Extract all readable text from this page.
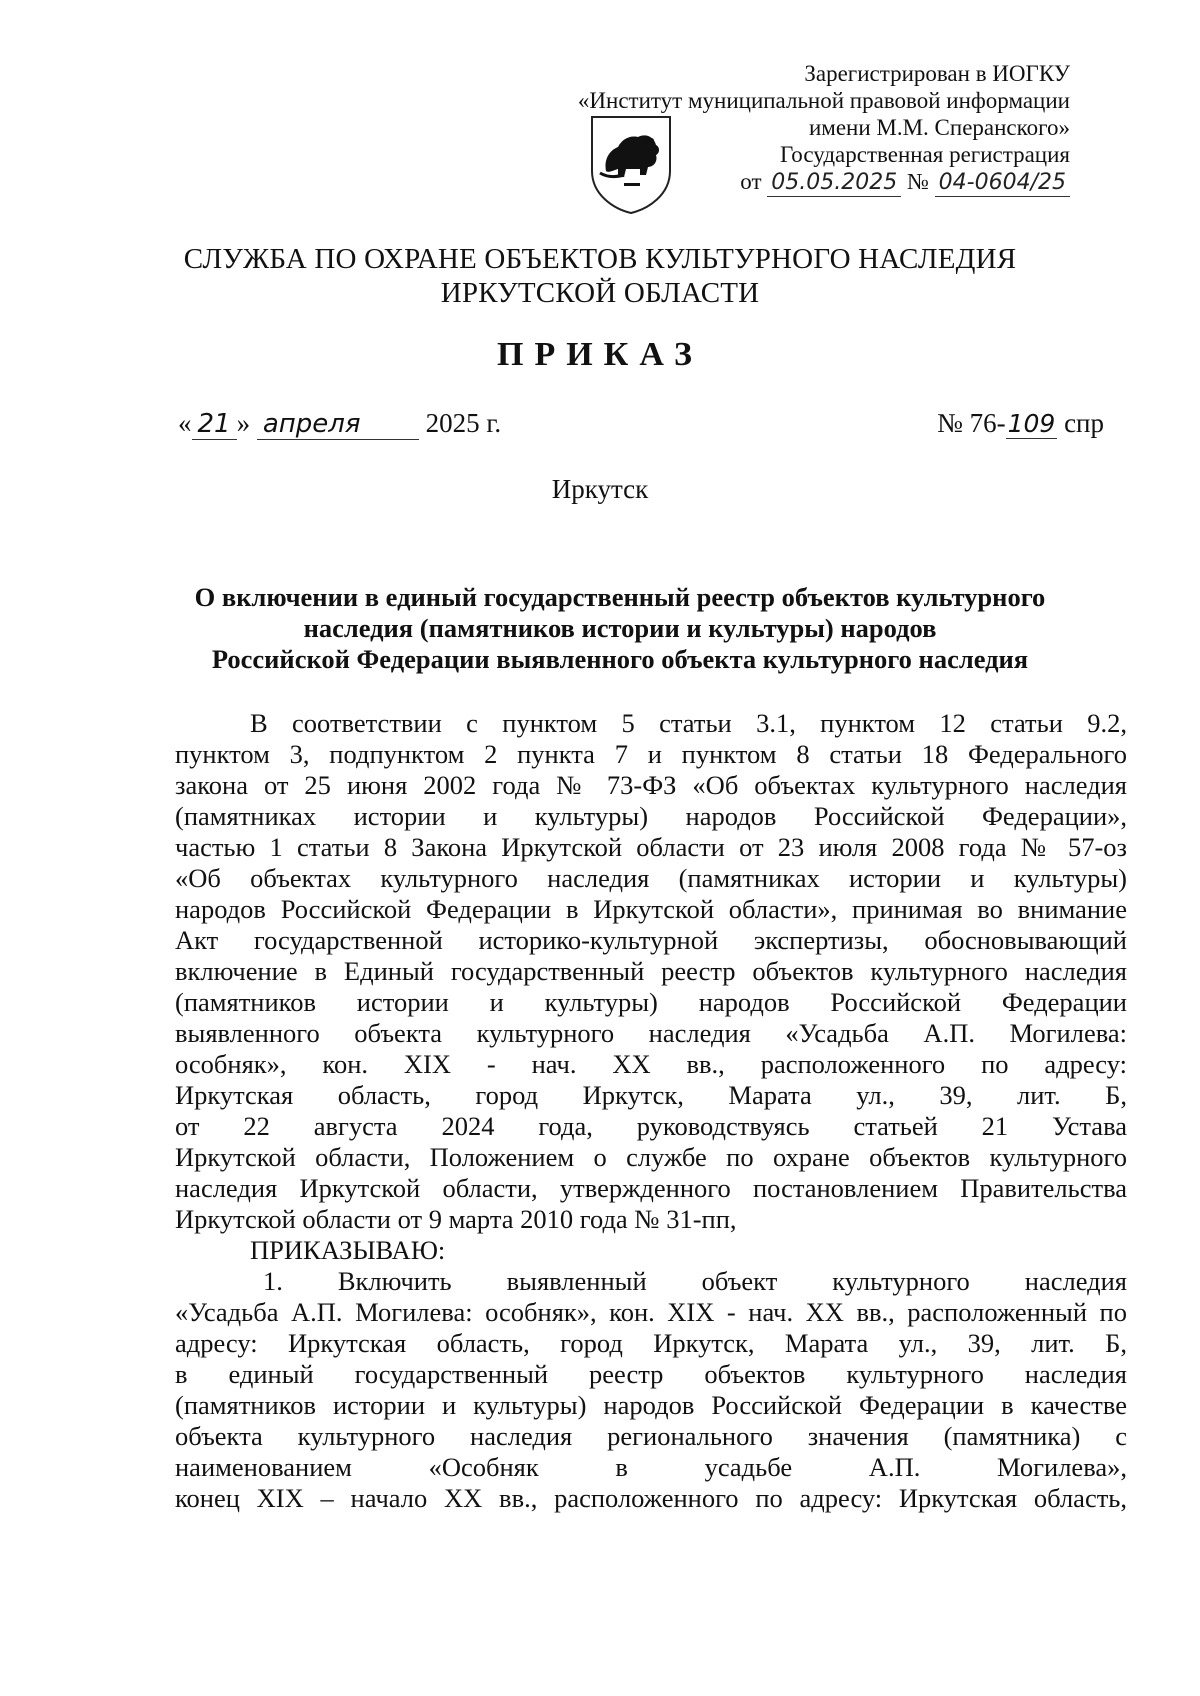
Зарегистрирован в ИОГКУ
«Институт муниципальной правовой информации
имени М.М. Сперанского»
Государственная регистрация
от 05.05.2025 № 04-0604/25
СЛУЖБА ПО ОХРАНЕ ОБЪЕКТОВ КУЛЬТУРНОГО НАСЛЕДИЯ
ИРКУТСКОЙ ОБЛАСТИ
ПРИКАЗ
« 21 » апреля 2025 г.	№ 76-109 спр
Иркутск
О включении в единый государственный реестр объектов культурного
наследия (памятников истории и культуры) народов
Российской Федерации выявленного объекта культурного наследия
В соответствии с пунктом 5 статьи 3.1, пунктом 12 статьи 9.2,
пунктом 3, подпунктом 2 пункта 7 и пунктом 8 статьи 18 Федерального
закона от 25 июня 2002 года № 73-ФЗ «Об объектах культурного наследия
(памятниках истории и культуры) народов Российской Федерации»,
частью 1 статьи 8 Закона Иркутской области от 23 июля 2008 года № 57-оз
«Об объектах культурного наследия (памятниках истории и культуры)
народов Российской Федерации в Иркутской области», принимая во внимание
Акт государственной историко-культурной экспертизы, обосновывающий
включение в Единый государственный реестр объектов культурного наследия
(памятников истории и культуры) народов Российской Федерации
выявленного объекта культурного наследия «Усадьба А.П. Могилева:
особняк», кон. XIX - нач. XX вв., расположенного по адресу:
Иркутская область, город Иркутск, Марата ул., 39, лит. Б,
от 22 августа 2024 года, руководствуясь статьей 21 Устава
Иркутской области, Положением о службе по охране объектов культурного
наследия Иркутской области, утвержденного постановлением Правительства
Иркутской области от 9 марта 2010 года № 31-пп,
ПРИКАЗЫВАЮ:
1. Включить выявленный объект культурного наследия
«Усадьба А.П. Могилева: особняк», кон. XIX - нач. XX вв., расположенный по
адресу: Иркутская область, город Иркутск, Марата ул., 39, лит. Б,
в единый государственный реестр объектов культурного наследия
(памятников истории и культуры) народов Российской Федерации в качестве
объекта культурного наследия регионального значения (памятника) с
наименованием «Особняк в усадьбе А.П. Могилева»,
конец XIX – начало XX вв., расположенного по адресу: Иркутская область,
